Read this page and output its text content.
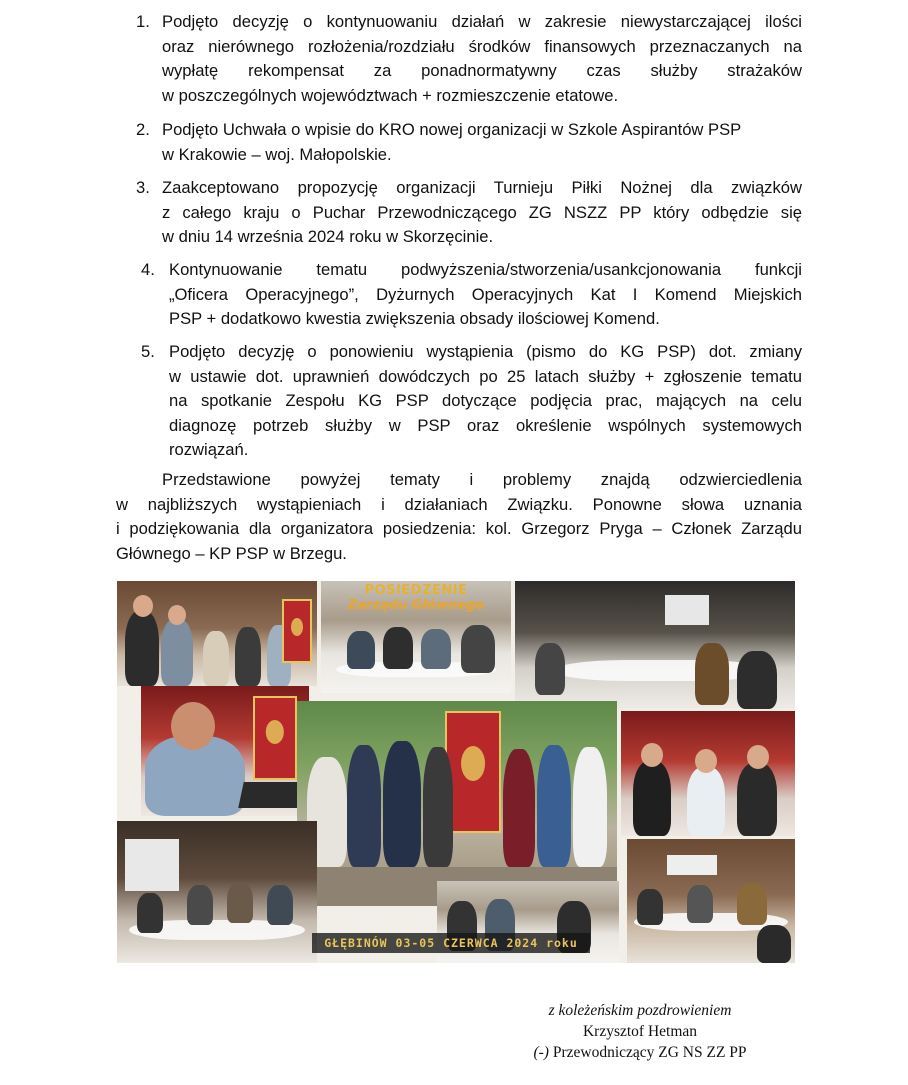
1. Podjęto decyzję o kontynuowaniu działań w zakresie niewystarczającej ilości
oraz nierównego rozłożenia/rozdziału środków finansowych przeznaczanych na
wypłatę rekompensat za ponadnormatywny czas służby strażaków
w poszczególnych województwach + rozmieszczenie etatowe.
2. Podjęto Uchwała o wpisie do KRO nowej organizacji w Szkole Aspirantów PSP
w Krakowie – woj. Małopolskie.
3. Zaakceptowano propozycję organizacji Turnieju Piłki Nożnej dla związków
z całego kraju o Puchar Przewodniczącego ZG NSZZ PP który odbędzie się
w dniu 14 września 2024 roku w Skorzęcinie.
4. Kontynuowanie tematu podwyższenia/stworzenia/usankcjonowania funkcji
„Oficera Operacyjnego”, Dyżurnych Operacyjnych Kat I Komend Miejskich
PSP + dodatkowo kwestia zwiększenia obsady ilościowej Komend.
5. Podjęto decyzję o ponowieniu wystąpienia (pismo do KG PSP) dot. zmiany
w ustawie dot. uprawnień dowódczych po 25 latach służby + zgłoszenie tematu
na spotkanie Zespołu KG PSP dotyczące podjęcia prac, mających na celu
diagnozę potrzeb służby w PSP oraz określenie wspólnych systemowych
rozwiązań.
Przedstawione powyżej tematy i problemy znajdą odzwierciedlenia
w najbliższych wystąpieniach i działaniach Związku. Ponowne słowa uznania
i podziękowania dla organizatora posiedzenia: kol. Grzegorz Pryga – Członek Zarządu
Głównego – KP PSP w Brzegu.
POSIEDZENIE
Zarządu Głównego
GŁĘBINÓW 03-05 CZERWCA 2024 roku
z koleżeńskim pozdrowieniem
Krzysztof Hetman
(-) Przewodniczący ZG NS ZZ PP
